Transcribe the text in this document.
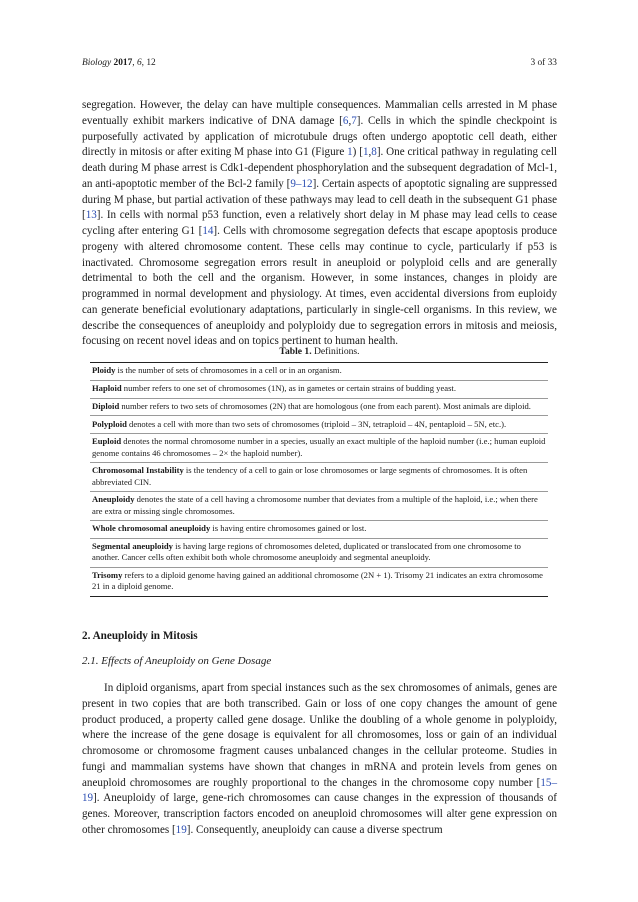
Biology 2017, 6, 12	3 of 33

segregation. However, the delay can have multiple consequences. Mammalian cells arrested in M phase eventually exhibit markers indicative of DNA damage [6,7]. Cells in which the spindle checkpoint is purposefully activated by application of microtubule drugs often undergo apoptotic cell death, either directly in mitosis or after exiting M phase into G1 (Figure 1) [1,8]. One critical pathway in regulating cell death during M phase arrest is Cdk1-dependent phosphorylation and the subsequent degradation of Mcl-1, an anti-apoptotic member of the Bcl-2 family [9–12]. Certain aspects of apoptotic signaling are suppressed during M phase, but partial activation of these pathways may lead to cell death in the subsequent G1 phase [13]. In cells with normal p53 function, even a relatively short delay in M phase may lead cells to cease cycling after entering G1 [14]. Cells with chromosome segregation defects that escape apoptosis produce progeny with altered chromosome content. These cells may continue to cycle, particularly if p53 is inactivated. Chromosome segregation errors result in aneuploid or polyploid cells and are generally detrimental to both the cell and the organism. However, in some instances, changes in ploidy are programmed in normal development and physiology. At times, even accidental diversions from euploidy can generate beneficial evolutionary adaptations, particularly in single-cell organisms. In this review, we describe the consequences of aneuploidy and polyploidy due to segregation errors in mitosis and meiosis, focusing on recent novel ideas and on topics pertinent to human health.

Table 1. Definitions.
Ploidy is the number of sets of chromosomes in a cell or in an organism.
Haploid number refers to one set of chromosomes (1N), as in gametes or certain strains of budding yeast.
Diploid number refers to two sets of chromosomes (2N) that are homologous (one from each parent). Most animals are diploid.
Polyploid denotes a cell with more than two sets of chromosomes (triploid – 3N, tetraploid – 4N, pentaploid – 5N, etc.).
Euploid denotes the normal chromosome number in a species, usually an exact multiple of the haploid number (i.e.; human euploid genome contains 46 chromosomes – 2× the haploid number).
Chromosomal Instability is the tendency of a cell to gain or lose chromosomes or large segments of chromosomes. It is often abbreviated CIN.
Aneuploidy denotes the state of a cell having a chromosome number that deviates from a multiple of the haploid, i.e.; when there are extra or missing single chromosomes.
Whole chromosomal aneuploidy is having entire chromosomes gained or lost.
Segmental aneuploidy is having large regions of chromosomes deleted, duplicated or translocated from one chromosome to another. Cancer cells often exhibit both whole chromosome aneuploidy and segmental aneuploidy.
Trisomy refers to a diploid genome having gained an additional chromosome (2N + 1). Trisomy 21 indicates an extra chromosome 21 in a diploid genome.
2. Aneuploidy in Mitosis
2.1. Effects of Aneuploidy on Gene Dosage

In diploid organisms, apart from special instances such as the sex chromosomes of animals, genes are present in two copies that are both transcribed. Gain or loss of one copy changes the amount of gene product produced, a property called gene dosage. Unlike the doubling of a whole genome in polyploidy, where the increase of the gene dosage is equivalent for all chromosomes, loss or gain of an individual chromosome or chromosome fragment causes unbalanced changes in the cellular proteome. Studies in fungi and mammalian systems have shown that changes in mRNA and protein levels from genes on aneuploid chromosomes are roughly proportional to the changes in the chromosome copy number [15–19]. Aneuploidy of large, gene-rich chromosomes can cause changes in the expression of thousands of genes. Moreover, transcription factors encoded on aneuploid chromosomes will alter gene expression on other chromosomes [19]. Consequently, aneuploidy can cause a diverse spectrum
